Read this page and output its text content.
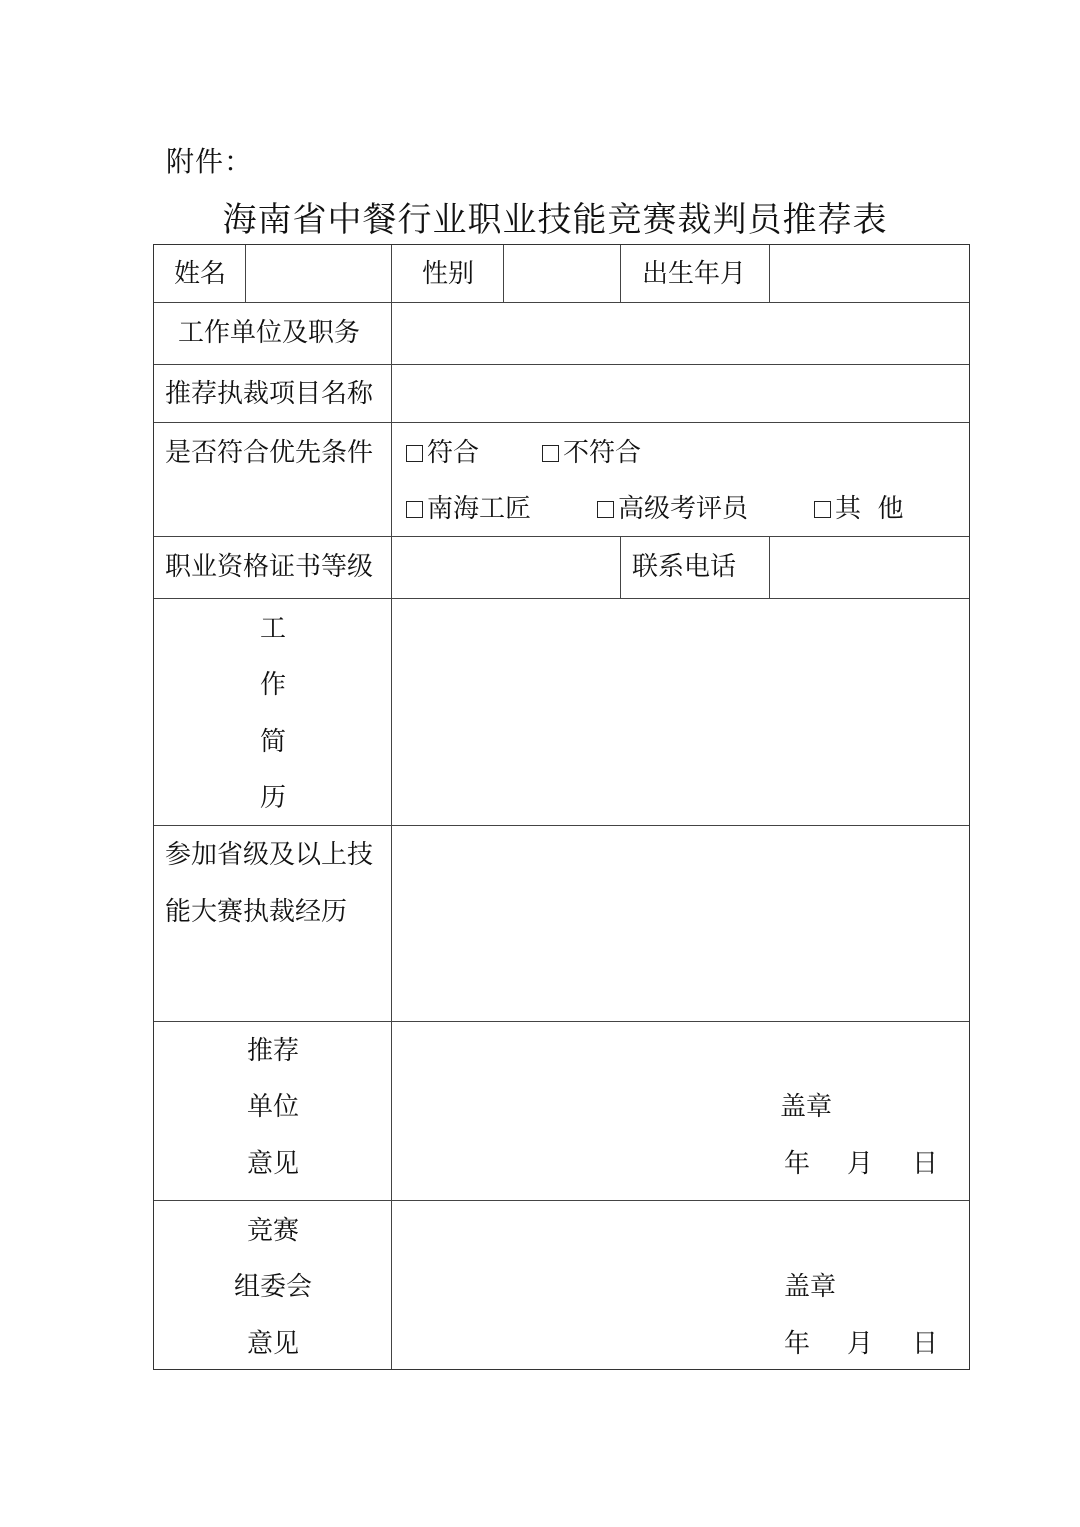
附件：
海南省中餐行业职业技能竞赛裁判员推荐表
姓名	性别	出生年月
工作单位及职务
推荐执裁项目名称
是否符合优先条件	符合	不符合
南海工匠	高级考评员	其  他
职业资格证书等级	联系电话
工
作
简
历
参加省级及以上技
能大赛执裁经历
推荐
单位
意见
盖章
年 月 日
竞赛
组委会
意见
盖章
年 月 日
